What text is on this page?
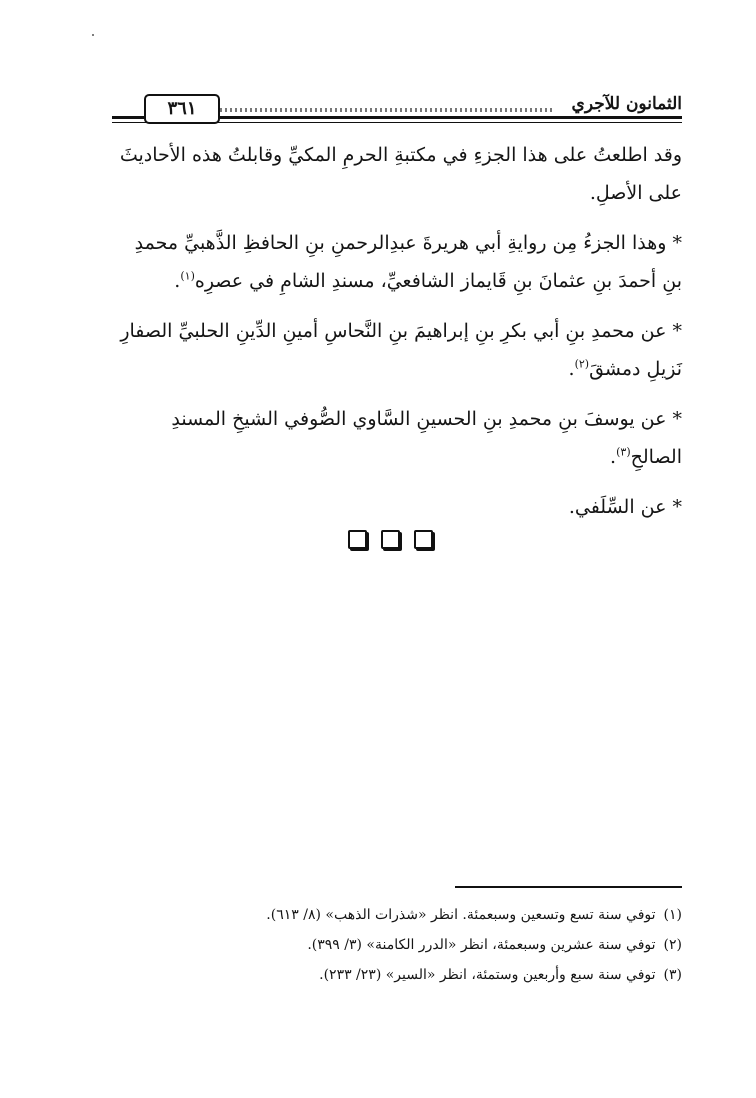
الثمانون للآجري
٣٦١

وقد اطلعتُ على هذا الجزءِ في مكتبةِ الحرمِ المكيِّ وقابلتُ هذه الأحاديثَ على الأصلِ.

* وهذا الجزءُ مِن روايةِ أبي هريرةَ عبدِالرحمنِ بنِ الحافظِ الذَّهبيِّ محمدِ بنِ أحمدَ بنِ عثمانَ بنِ قَايماز الشافعيِّ، مسندِ الشامِ في عصرِه$^{(١)}$.

* عن محمدِ بنِ أبي بكرِ بنِ إبراهيمَ بنِ النَّحاسِ أمينِ الدِّينِ الحلبيِّ الصفارِ نَزيلِ دمشقَ$^{(٢)}$.

* عن يوسفَ بنِ محمدِ بنِ الحسينِ السَّاوي الصُّوفي الشيخِ المسندِ الصالحِ$^{(٣)}$.

* عن السِّلَفي.

(١)توفي سنة تسع وتسعين وسبعمئة. انظر «شذرات الذهب» (٨/ ٦١٣).
(٢)توفي سنة عشرين وسبعمئة، انظر «الدرر الكامنة» (٣/ ٣٩٩).
(٣)توفي سنة سبع وأربعين وستمئة، انظر «السير» (٢٣/ ٢٣٣).
